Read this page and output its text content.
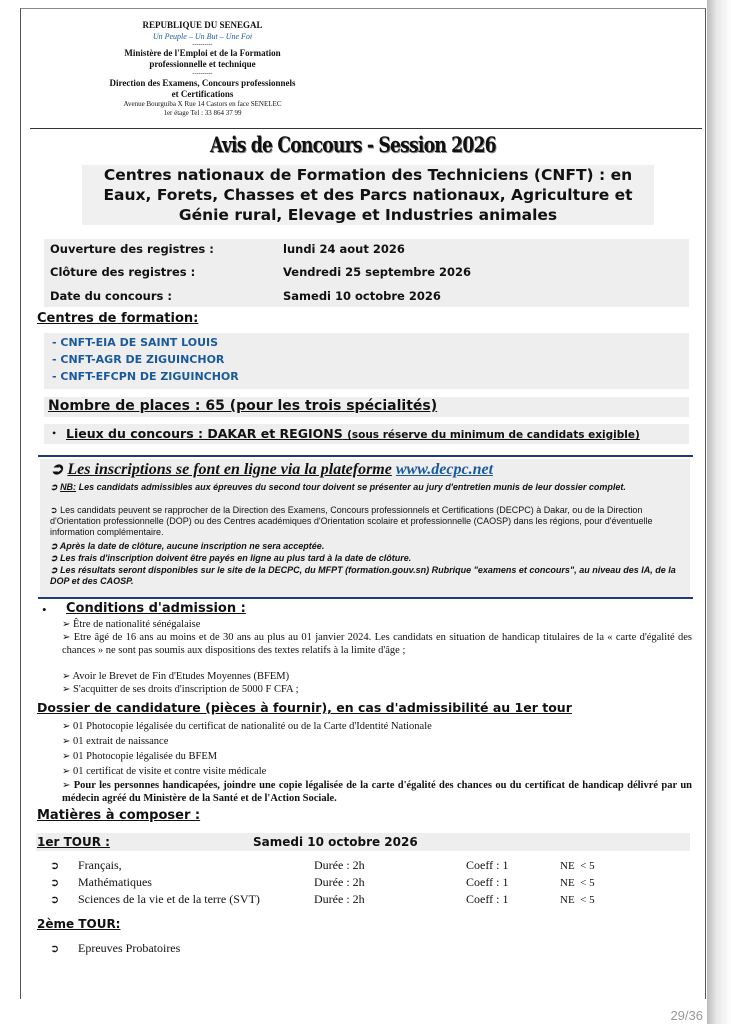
REPUBLIQUE DU SENEGAL
Un Peuple – Un But – Une Foi
----------
Ministère de l'Emploi et de la Formation professionnelle et technique
----------
Direction des Examens, Concours professionnels et Certifications
Avenue Bourguiba X Rue 14 Castors en face SENELEC
1er étage Tel : 33 864 37 99
Avis de Concours - Session 2026
Centres nationaux de Formation des Techniciens (CNFT) : en Eaux, Forets, Chasses et des Parcs nationaux, Agriculture et Génie rural, Elevage et Industries animales
Ouverture des registres :	lundi 24 aout 2026
Clôture des registres :	Vendredi 25 septembre 2026
Date du concours :	Samedi 10 octobre 2026
Centres de formation:
- CNFT-EIA DE SAINT LOUIS
- CNFT-AGR DE ZIGUINCHOR
- CNFT-EFCPN DE ZIGUINCHOR
Nombre de places : 65 (pour les trois spécialités)
• Lieux du concours : DAKAR et REGIONS (sous réserve du minimum de candidats exigible)
➲ Les inscriptions se font en ligne via la plateforme www.decpc.net
➲ NB: Les candidats admissibles aux épreuves du second tour doivent se présenter au jury d'entretien munis de leur dossier complet.
➲ Les candidats peuvent se rapprocher de la Direction des Examens, Concours professionnels et Certifications (DECPC) à Dakar, ou de la Direction d'Orientation professionnelle (DOP) ou des Centres académiques d'Orientation scolaire et professionnelle (CAOSP) dans les régions, pour d'éventuelle information complémentaire.
➲ Après la date de clôture, aucune inscription ne sera acceptée.
➲ Les frais d'inscription doivent être payés en ligne au plus tard à la date de clôture.
➲ Les résultats seront disponibles sur le site de la DECPC, du MFPT (formation.gouv.sn) Rubrique "examens et concours", au niveau des IA, de la DOP et des CAOSP.
• Conditions d'admission :
➢ Être de nationalité sénégalaise
➢ Etre âgé de 16 ans au moins et de 30 ans au plus au 01 janvier 2024. Les candidats en situation de handicap titulaires de la « carte d'égalité des chances » ne sont pas soumis aux dispositions des textes relatifs à la limite d'âge ;
➢ Avoir le Brevet de Fin d'Etudes Moyennes (BFEM)
➢ S'acquitter de ses droits d'inscription de 5000 F CFA ;
Dossier de candidature (pièces à fournir), en cas d'admissibilité au 1er tour
➢ 01 Photocopie légalisée du certificat de nationalité ou de la Carte d'Identité Nationale
➢ 01 extrait de naissance
➢ 01 Photocopie légalisée du BFEM
➢ 01 certificat de visite et contre visite médicale
➢ Pour les personnes handicapées, joindre une copie légalisée de la carte d'égalité des chances ou du certificat de handicap délivré par un médecin agréé du Ministère de la Santé et de l'Action Sociale.
Matières à composer :
1er TOUR :	Samedi 10 octobre 2026
➲ Français,	Durée : 2h	Coeff : 1	NE  < 5
➲ Mathématiques	Durée : 2h	Coeff : 1	NE  < 5
➲ Sciences de la vie et de la terre (SVT)	Durée : 2h	Coeff : 1	NE  < 5
2ème TOUR:
➲ Epreuves Probatoires
29/36
